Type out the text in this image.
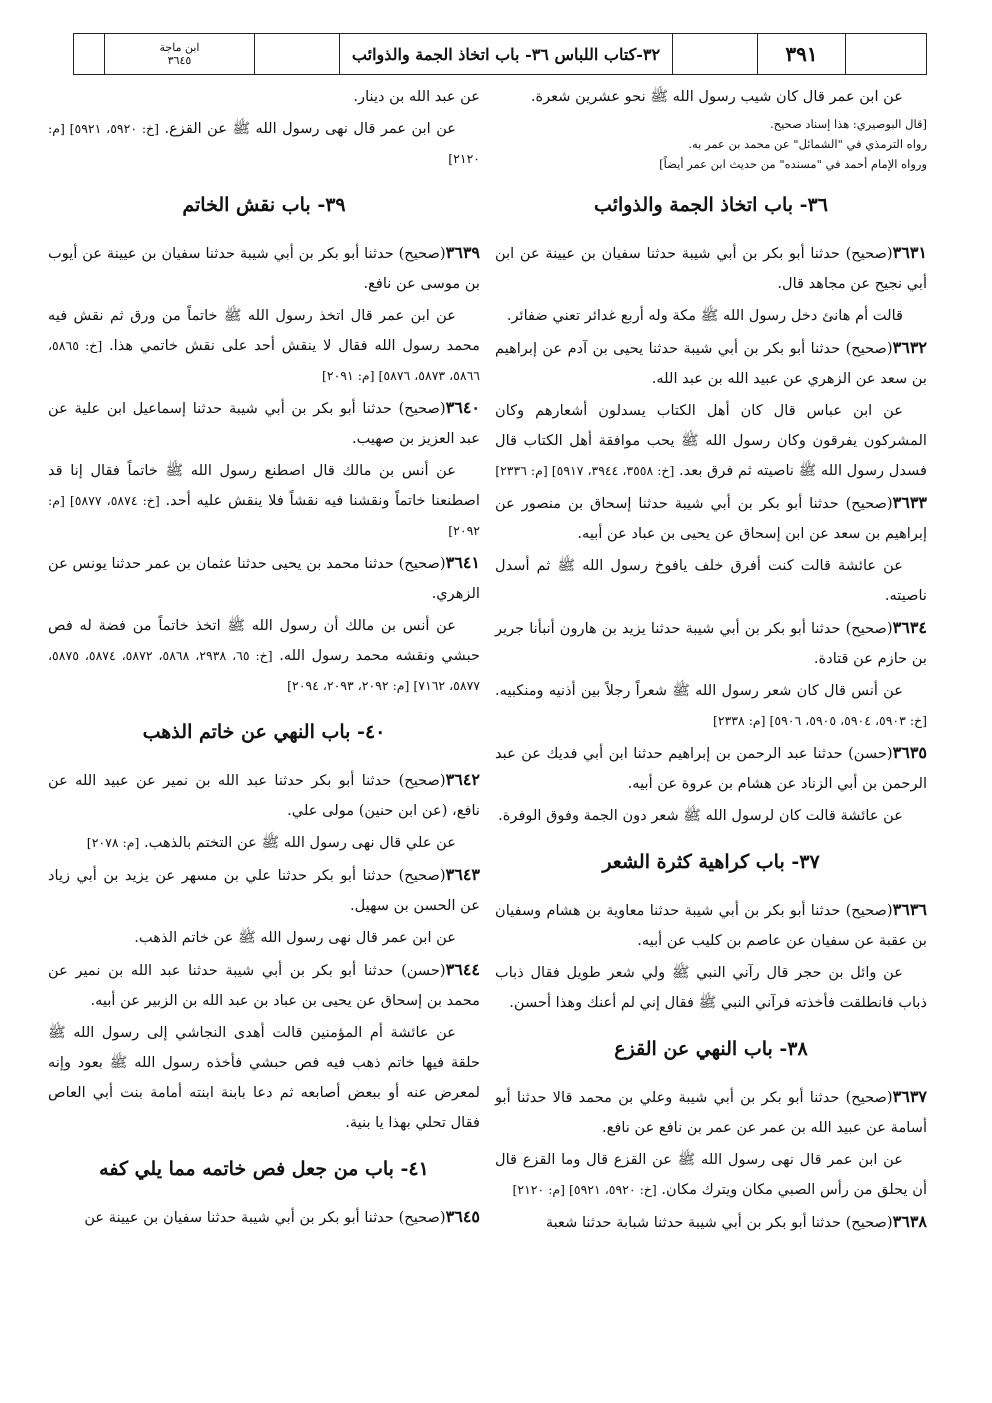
ابن ماجة
٣٦٤٥	٣٢-كتاب اللباس ٣٦- باب اتخاذ الجمة والذوائب	٣٩١

عن ابن عمر قال كان شيب رسول الله ﷺ نحو عشرين شعرة.

[قال البوصيري: هذا إسناد صحيح.

رواه الترمذي في "الشمائل" عن محمد بن عمر به.

ورواه الإمام أحمد في "مسنده" من حديث ابن عمر أيضاً]

٣٦- باب اتخاذ الجمة والذوائب

٣٦٣١(صحيح) حدثنا أبو بكر بن أبي شيبة حدثنا سفيان بن عيينة عن ابن أبي نجيح عن مجاهد قال.

قالت أم هانئ دخل رسول الله ﷺ مكة وله أربع غدائر تعني ضفائر.

٣٦٣٢(صحيح) حدثنا أبو بكر بن أبي شيبة حدثنا يحيى بن آدم عن إبراهيم بن سعد عن الزهري عن عبيد الله بن عبد الله.

عن ابن عباس قال كان أهل الكتاب يسدلون أشعارهم وكان المشركون يفرقون وكان رسول الله ﷺ يحب موافقة أهل الكتاب قال فسدل رسول الله ﷺ ناصيته ثم فرق بعد. [خ: ٣٥٥٨، ٣٩٤٤، ٥٩١٧] [م: ٢٣٣٦]

٣٦٣٣(صحيح) حدثنا أبو بكر بن أبي شيبة حدثنا إسحاق بن منصور عن إبراهيم بن سعد عن ابن إسحاق عن يحيى بن عباد عن أبيه.

عن عائشة قالت كنت أفرق خلف يافوخ رسول الله ﷺ ثم أسدل ناصيته.

٣٦٣٤(صحيح) حدثنا أبو بكر بن أبي شيبة حدثنا يزيد بن هارون أنبأنا جرير بن حازم عن قتادة.

عن أنس قال كان شعر رسول الله ﷺ شعراً رجلاً بين أذنيه ومنكبيه. [خ: ٥٩٠٣، ٥٩٠٤، ٥٩٠٥، ٥٩٠٦] [م: ٢٣٣٨]

٣٦٣٥(حسن) حدثنا عبد الرحمن بن إبراهيم حدثنا ابن أبي فديك عن عبد الرحمن بن أبي الزناد عن هشام بن عروة عن أبيه.

عن عائشة قالت كان لرسول الله ﷺ شعر دون الجمة وفوق الوفرة.

٣٧- باب كراهية كثرة الشعر

٣٦٣٦(صحيح) حدثنا أبو بكر بن أبي شيبة حدثنا معاوية بن هشام وسفيان بن عقبة عن سفيان عن عاصم بن كليب عن أبيه.

عن وائل بن حجر قال رآني النبي ﷺ ولي شعر طويل فقال ذباب ذباب فانطلقت فأخذته فرآني النبي ﷺ فقال إني لم أعنك وهذا أحسن.

٣٨- باب النهي عن القزع

٣٦٣٧(صحيح) حدثنا أبو بكر بن أبي شيبة وعلي بن محمد قالا حدثنا أبو أسامة عن عبيد الله بن عمر عن عمر بن نافع عن نافع.

عن ابن عمر قال نهى رسول الله ﷺ عن القزع قال وما القزع قال أن يحلق من رأس الصبي مكان ويترك مكان. [خ: ٥٩٢٠، ٥٩٢١] [م: ٢١٢٠]

٣٦٣٨(صحيح) حدثنا أبو بكر بن أبي شيبة حدثنا شبابة حدثنا شعبة

عن عبد الله بن دينار.

عن ابن عمر قال نهى رسول الله ﷺ عن القزع. [خ: ٥٩٢٠، ٥٩٢١] [م: ٢١٢٠]

٣٩- باب نقش الخاتم

٣٦٣٩(صحيح) حدثنا أبو بكر بن أبي شيبة حدثنا سفيان بن عيينة عن أيوب بن موسى عن نافع.

عن ابن عمر قال اتخذ رسول الله ﷺ خاتماً من ورق ثم نقش فيه محمد رسول الله فقال لا ينقش أحد على نقش خاتمي هذا. [خ: ٥٨٦٥، ٥٨٦٦، ٥٨٧٣، ٥٨٧٦] [م: ٢٠٩١]

٣٦٤٠(صحيح) حدثنا أبو بكر بن أبي شيبة حدثنا إسماعيل ابن علية عن عبد العزيز بن صهيب.

عن أنس بن مالك قال اصطنع رسول الله ﷺ خاتماً فقال إنا قد اصطنعنا خاتماً ونقشنا فيه نقشاً فلا ينقش عليه أحد. [خ: ٥٨٧٤، ٥٨٧٧] [م: ٢٠٩٢]

٣٦٤١(صحيح) حدثنا محمد بن يحيى حدثنا عثمان بن عمر حدثنا يونس عن الزهري.

عن أنس بن مالك أن رسول الله ﷺ اتخذ خاتماً من فضة له فص حبشي ونقشه محمد رسول الله. [خ: ٦٥، ٢٩٣٨، ٥٨٦٨، ٥٨٧٢، ٥٨٧٤، ٥٨٧٥، ٥٨٧٧، ٧١٦٢] [م: ٢٠٩٢، ٢٠٩٣، ٢٠٩٤]

٤٠- باب النهي عن خاتم الذهب

٣٦٤٢(صحيح) حدثنا أبو بكر حدثنا عبد الله بن نمير عن عبيد الله عن نافع، (عن ابن حنين) مولى علي.

عن علي قال نهى رسول الله ﷺ عن التختم بالذهب. [م: ٢٠٧٨]

٣٦٤٣(صحيح) حدثنا أبو بكر حدثنا علي بن مسهر عن يزيد بن أبي زياد عن الحسن بن سهيل.

عن ابن عمر قال نهى رسول الله ﷺ عن خاتم الذهب.

٣٦٤٤(حسن) حدثنا أبو بكر بن أبي شيبة حدثنا عبد الله بن نمير عن محمد بن إسحاق عن يحيى بن عباد بن عبد الله بن الزبير عن أبيه.

عن عائشة أم المؤمنين قالت أهدى النجاشي إلى رسول الله ﷺ حلقة فيها خاتم ذهب فيه فص حبشي فأخذه رسول الله ﷺ بعود وإنه لمعرض عنه أو ببعض أصابعه ثم دعا بابنة ابنته أمامة بنت أبي العاص فقال تحلي بهذا يا بنية.

٤١- باب من جعل فص خاتمه مما يلي كفه

٣٦٤٥(صحيح) حدثنا أبو بكر بن أبي شيبة حدثنا سفيان بن عيينة عن
